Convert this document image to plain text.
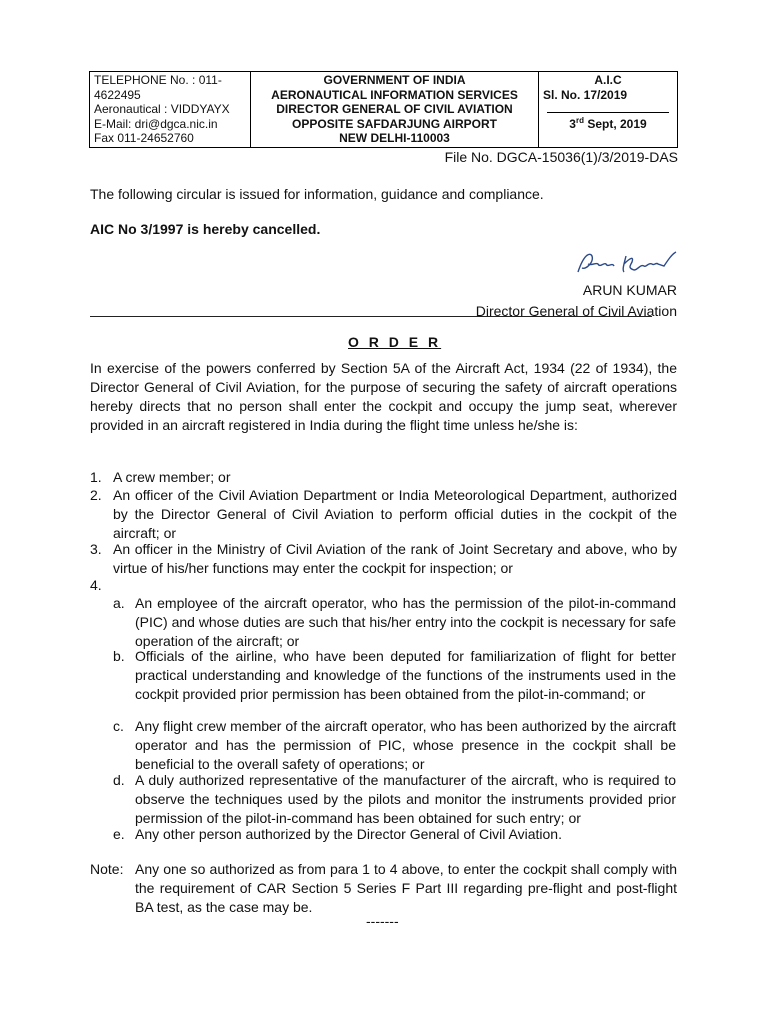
TELEPHONE No. : 011-4622495
Aeronautical : VIDDYAYX
E-Mail: dri@dgca.nic.in
Fax 011-24652760

GOVERNMENT OF INDIA
AERONAUTICAL INFORMATION SERVICES
DIRECTOR GENERAL OF CIVIL AVIATION
OPPOSITE SAFDARJUNG AIRPORT
NEW DELHI-110003

A.I.C
Sl. No. 17/2019
3rd Sept, 2019
File No. DGCA-15036(1)/3/2019-DAS
The following circular is issued for information, guidance and compliance.
AIC No 3/1997 is hereby cancelled.
ARUN KUMAR
Director General of Civil Aviation
O R D E R
In exercise of the powers conferred by Section 5A of the Aircraft Act, 1934 (22 of 1934), the Director General of Civil Aviation, for the purpose of securing the safety of aircraft operations hereby directs that no person shall enter the cockpit and occupy the jump seat, wherever provided in an aircraft registered in India during the flight time unless he/she is:
1. A crew member; or
2. An officer of the Civil Aviation Department or India Meteorological Department, authorized by the Director General of Civil Aviation to perform official duties in the cockpit of the aircraft; or
3. An officer in the Ministry of Civil Aviation of the rank of Joint Secretary and above, who by virtue of his/her functions may enter the cockpit for inspection; or
4.
a. An employee of the aircraft operator, who has the permission of the pilot-in-command (PIC) and whose duties are such that his/her entry into the cockpit is necessary for safe operation of the aircraft; or
b. Officials of the airline, who have been deputed for familiarization of flight for better practical understanding and knowledge of the functions of the instruments used in the cockpit provided prior permission has been obtained from the pilot-in-command; or
c. Any flight crew member of the aircraft operator, who has been authorized by the aircraft operator and has the permission of PIC, whose presence in the cockpit shall be beneficial to the overall safety of operations; or
d. A duly authorized representative of the manufacturer of the aircraft, who is required to observe the techniques used by the pilots and monitor the instruments provided prior permission of the pilot-in-command has been obtained for such entry; or
e. Any other person authorized by the Director General of Civil Aviation.
Note: Any one so authorized as from para 1 to 4 above, to enter the cockpit shall comply with the requirement of CAR Section 5 Series F Part III regarding pre-flight and post-flight BA test, as the case may be.
-------
